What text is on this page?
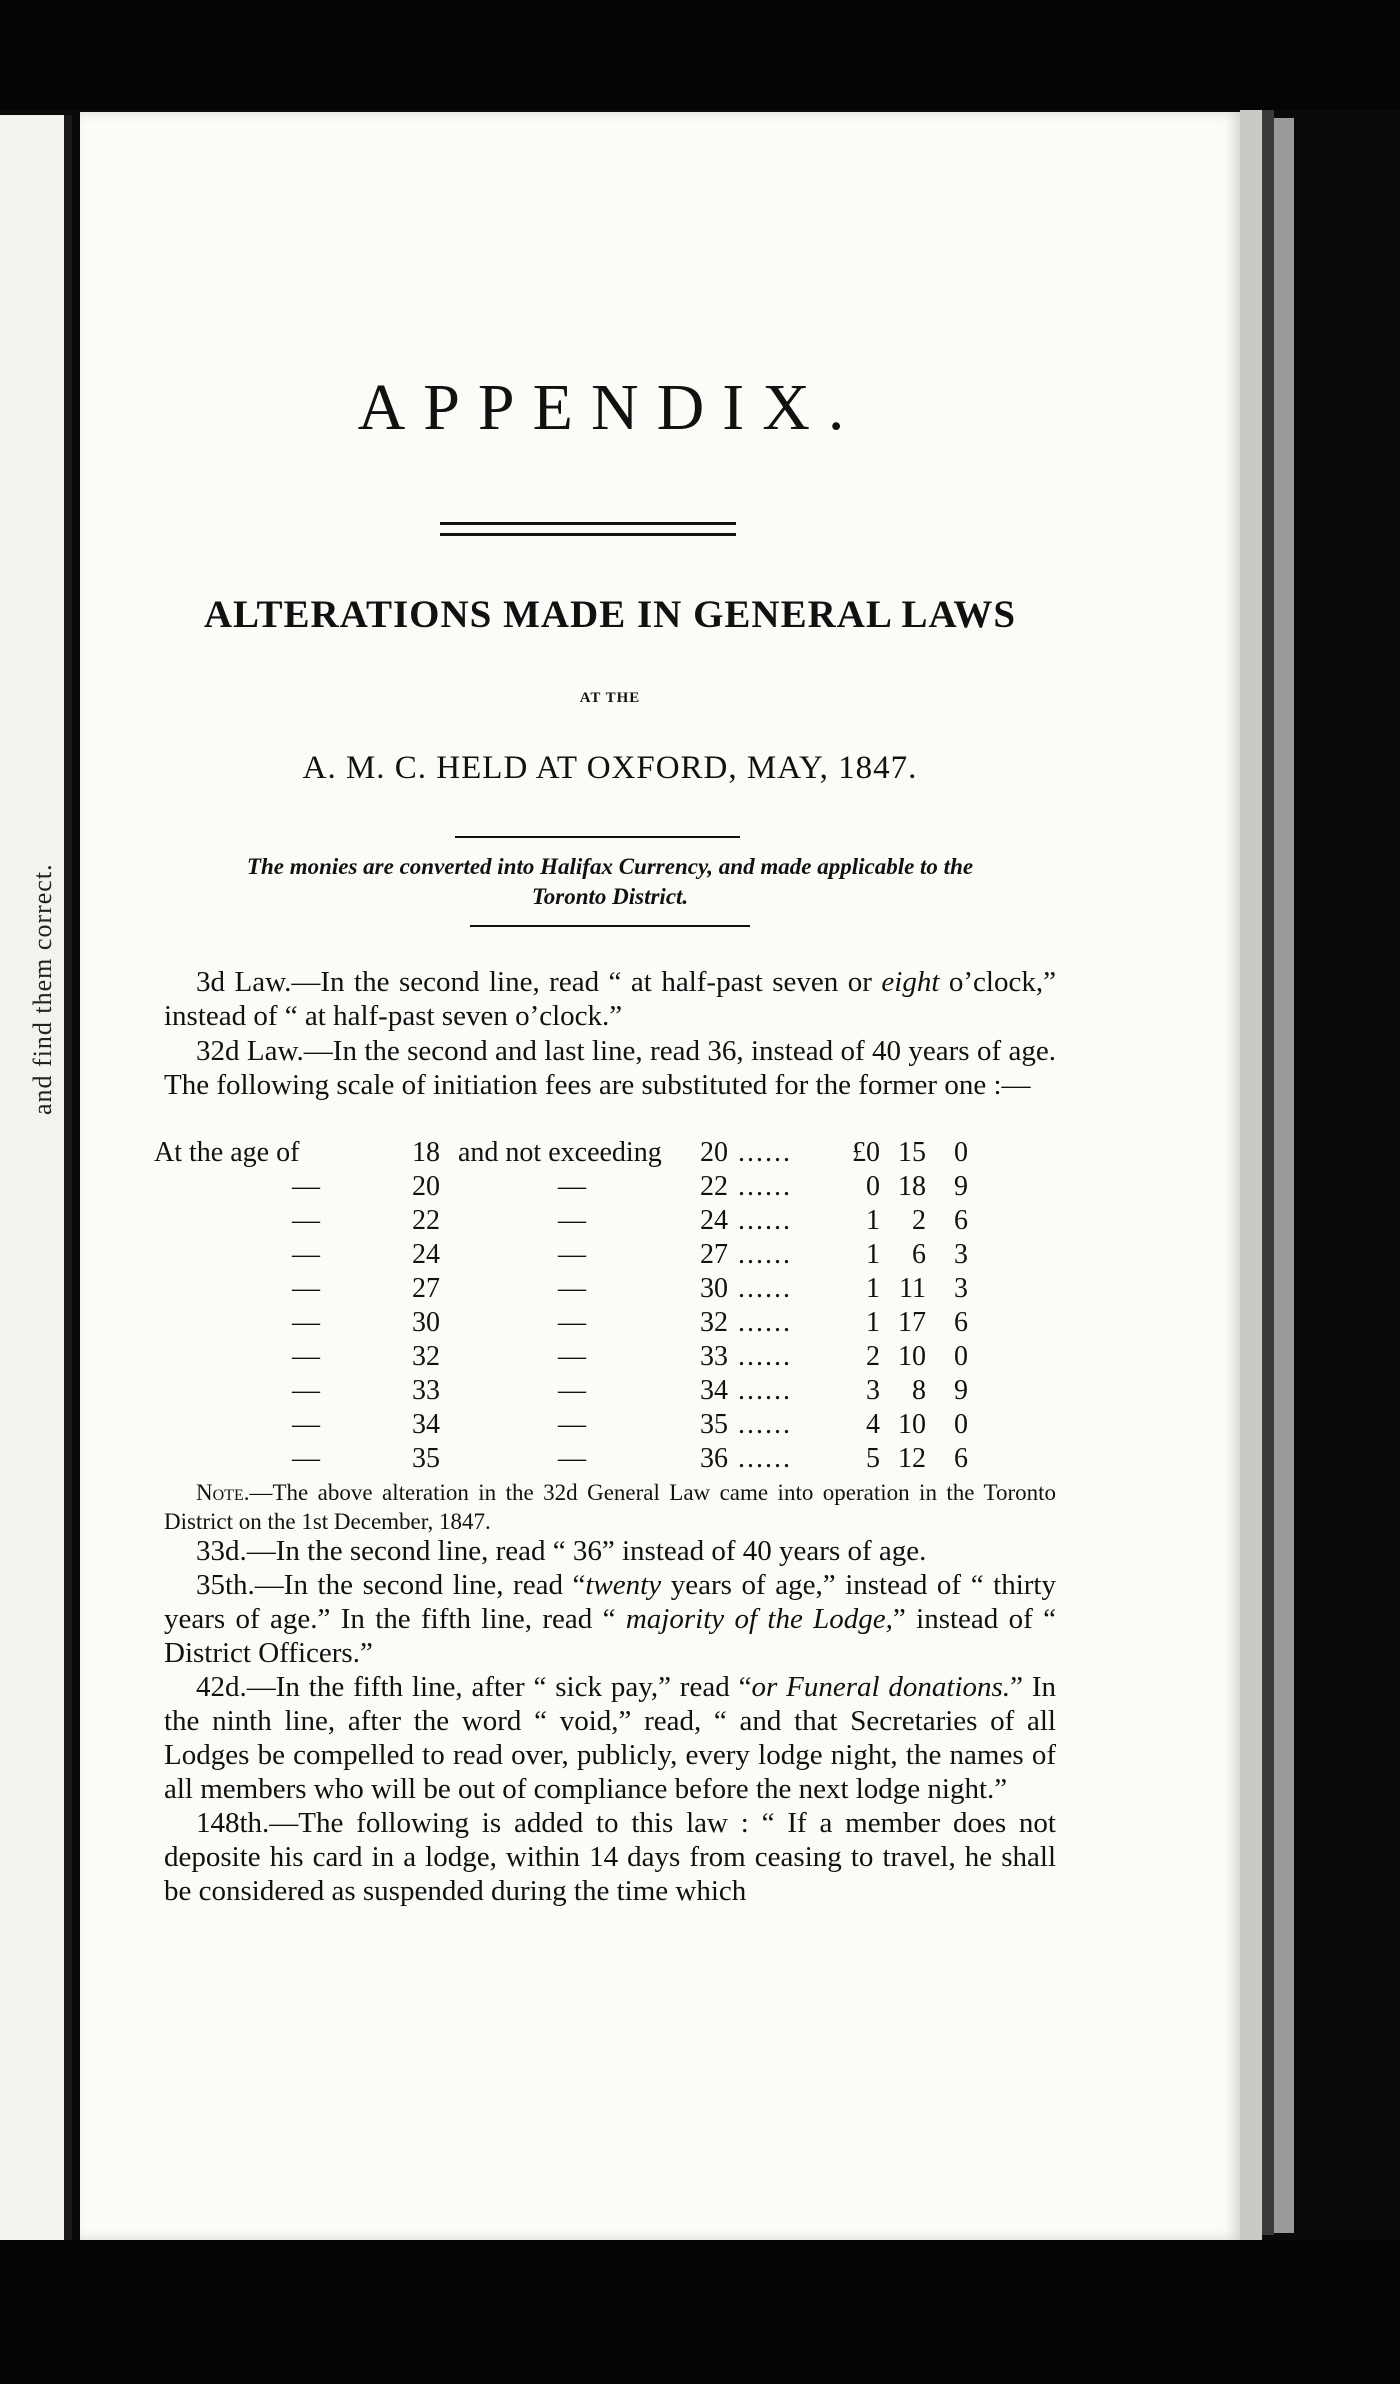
and find them correct.
APPENDIX.
ALTERATIONS MADE IN GENERAL LAWS
AT THE
A. M. C. HELD AT OXFORD, MAY, 1847.
The monies are converted into Halifax Currency, and made applicable to the
Toronto District.

3d Law.—In the second line, read “ at half-past seven or eight o’clock,” instead of “ at half-past seven o’clock.”

32d Law.—In the second and last line, read 36, instead of 40 years of age. The following scale of initiation fees are substituted for the former one :—

At the age of	18 and not exceeding 20 ......	£0 15	0
—	20	—	22 ......	0 18	9
—	22	—	24 ......	1	2	6
—	24	—	27 ......	1	6	3
—	27	—	30 ......	1 11	3
—	30	—	32 ......	1 17	6
—	32	—	33 ......	2 10	0
—	33	—	34 ......	3	8	9
—	34	—	35 ......	4 10	0
—	35	—	36 ......	5 12	6

Note.—The above alteration in the 32d General Law came into operation in the Toronto District on the 1st December, 1847.

33d.—In the second line, read “ 36” instead of 40 years of age.

35th.—In the second line, read “twenty years of age,” instead of “ thirty years of age.” In the fifth line, read “ majority of the Lodge,” instead of “ District Officers.”

42d.—In the fifth line, after “ sick pay,” read “or Funeral donations.” In the ninth line, after the word “ void,” read, “ and that Secretaries of all Lodges be compelled to read over, publicly, every lodge night, the names of all members who will be out of compliance before the next lodge night.”

148th.—The following is added to this law : “ If a member does not deposite his card in a lodge, within 14 days from ceasing to travel, he shall be considered as suspended during the time which
